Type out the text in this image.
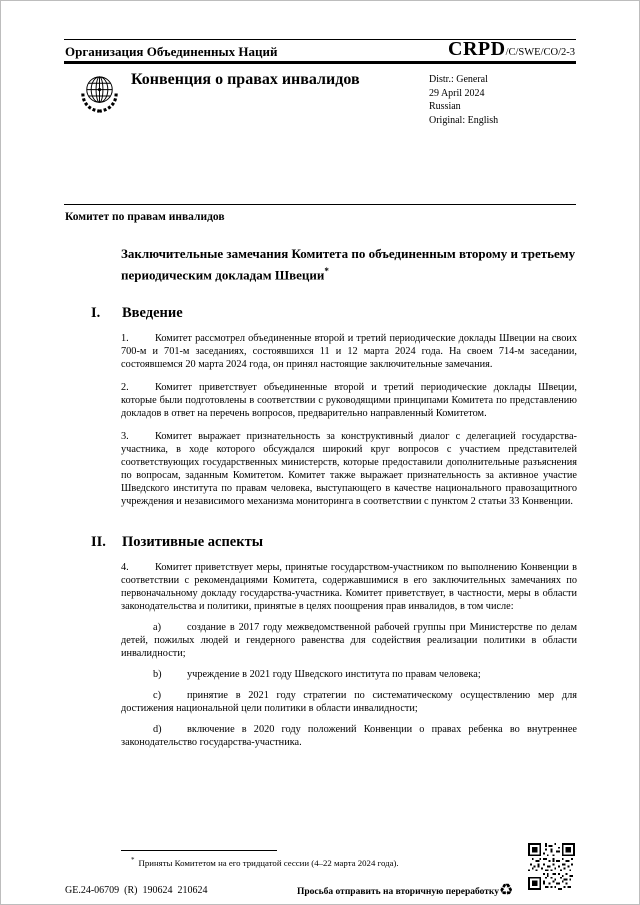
Организация Объединенных Наций	CRPD /C/SWE/CO/2-3
Конвенция о правах инвалидов	Distr.: General
29 April 2024
Russian
Original: English
Комитет по правам инвалидов
Заключительные замечания Комитета по объединенным второму и третьему периодическим докладам Швеции*
I. Введение

1.	Комитет рассмотрел объединенные второй и третий периодические доклады Швеции на своих 700-м и 701-м заседаниях, состоявшихся 11 и 12 марта 2024 года. На своем 714-м заседании, состоявшемся 20 марта 2024 года, он принял настоящие заключительные замечания.

2.	Комитет приветствует объединенные второй и третий периодические доклады Швеции, которые были подготовлены в соответствии с руководящими принципами Комитета по представлению докладов в ответ на перечень вопросов, предварительно направленный Комитетом.

3.	Комитет выражает признательность за конструктивный диалог с делегацией государства-участника, в ходе которого обсуждался широкий круг вопросов с участием представителей соответствующих государственных министерств, которые предоставили дополнительные разъяснения по вопросам, заданным Комитетом. Комитет также выражает признательность за активное участие Шведского института по правам человека, выступающего в качестве национального правозащитного учреждения и независимого механизма мониторинга в соответствии с пунктом 2 статьи 33 Конвенции.

II. Позитивные аспекты

4.	Комитет приветствует меры, принятые государством-участником по выполнению Конвенции в соответствии с рекомендациями Комитета, содержавшимися в его заключительных замечаниях по первоначальному докладу государства-участника. Комитет приветствует, в частности, меры в области законодательства и политики, принятые в целях поощрения прав инвалидов, в том числе:

a)	создание в 2017 году межведомственной рабочей группы при Министерстве по делам детей, пожилых людей и гендерного равенства для содействия реализации политики в области инвалидности;

b) учреждение в 2021 году Шведского института по правам человека;

c)	принятие в 2021 году стратегии по систематическому осуществлению мер для достижения национальной цели политики в области инвалидности;

d) включение в 2020 году положений Конвенции о правах ребенка во внутреннее законодательство государства-участника.

* Приняты Комитетом на его тридцатой сессии (4–22 марта 2024 года).
GE.24-06709  (R)  190624  210624	Просьба отправить на вторичную переработку ♻
